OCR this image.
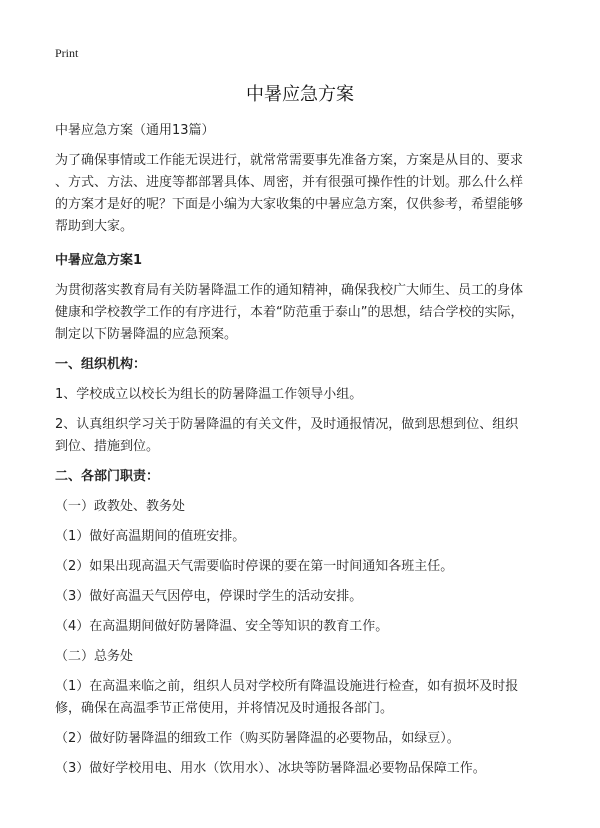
Print
中暑应急方案

中暑应急方案（通用13篇）

为了确保事情或工作能无误进行，就常常需要事先准备方案，方案是从目的、要求

、方式、方法、进度等都部署具体、周密，并有很强可操作性的计划。那么什么样

的方案才是好的呢？下面是小编为大家收集的中暑应急方案，仅供参考，希望能够

帮助到大家。

中暑应急方案1

为贯彻落实教育局有关防暑降温工作的通知精神，确保我校广大师生、员工的身体

健康和学校教学工作的有序进行，本着“防范重于泰山”的思想，结合学校的实际，

制定以下防暑降温的应急预案。

一、组织机构：

1、学校成立以校长为组长的防暑降温工作领导小组。

2、认真组织学习关于防暑降温的有关文件，及时通报情况，做到思想到位、组织

到位、措施到位。

二、各部门职责：

（一）政教处、教务处

（1）做好高温期间的值班安排。

（2）如果出现高温天气需要临时停课的要在第一时间通知各班主任。

（3）做好高温天气因停电，停课时学生的活动安排。

（4）在高温期间做好防暑降温、安全等知识的教育工作。

（二）总务处

（1）在高温来临之前，组织人员对学校所有降温设施进行检查，如有损坏及时报

修，确保在高温季节正常使用，并将情况及时通报各部门。

（2）做好防暑降温的细致工作（购买防暑降温的必要物品，如绿豆）。

（3）做好学校用电、用水（饮用水）、冰块等防暑降温必要物品保障工作。
